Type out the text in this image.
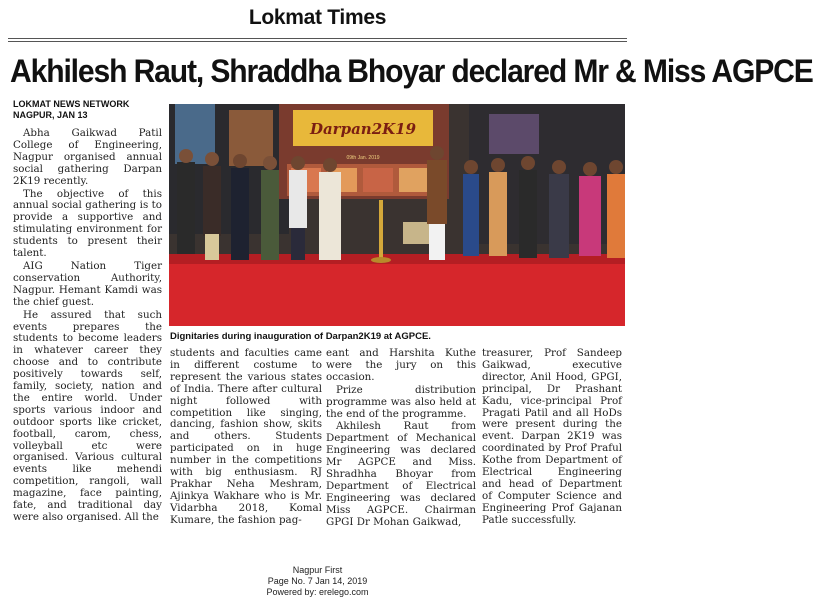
Lokmat Times
Akhilesh Raut, Shraddha Bhoyar declared Mr & Miss AGPCE
LOKMAT NEWS NETWORK
NAGPUR, JAN 13

Abha Gaikwad Patil College of Engineering, Nagpur organised annual social gathering Darpan 2K19 recently.

The objective of this annual social gathering is to provide a supportive and stimulating environment for students to present their talent.

AIG Nation Tiger conservation Authority, Nagpur. Hemant Kamdi was the chief guest.

He assured that such events prepares the students to become leaders in whatever career they choose and to contribute positively towards self, family, society, nation and the entire world. Under sports various indoor and outdoor sports like cricket, football, carom, chess, volleyball etc were organised. Various cultural events like mehendi competition, rangoli, wall magazine, face painting, fate, and traditional day were also organised. All the

Darpan2K19
09th Jan. 2019
Dignitaries during inauguration of Darpan2K19 at AGPCE.

students and faculties came in different costume to represent the various states of India. There after cultural night followed with competition like singing, dancing, fashion show, skits and others. Students participated on in huge number in the competitions with big enthusiasm. RJ Prakhar Neha Meshram, Ajinkya Wakhare who is Mr. Vidarbha 2018, Komal Kumare, the fashion pag-

eant and Harshita Kuthe were the jury on this occasion.

Prize distribution programme was also held at the end of the programme.

Akhilesh Raut from Department of Mechanical Engineering was declared Mr AGPCE and Miss. Shradhha Bhoyar from Department of Electrical Engineering was declared Miss AGPCE. Chairman GPGI Dr Mohan Gaikwad,

treasurer, Prof Sandeep Gaikwad, executive director, Anil Hood, GPGI, principal, Dr Prashant Kadu, vice-principal Prof Pragati Patil and all HoDs were present during the event. Darpan 2K19 was coordinated by Prof Praful Kothe from Department of Electrical Engineering and head of Department of Computer Science and Engineering Prof Gajanan Patle successfully.

Nagpur First
Page No. 7 Jan 14, 2019
Powered by: erelego.com
